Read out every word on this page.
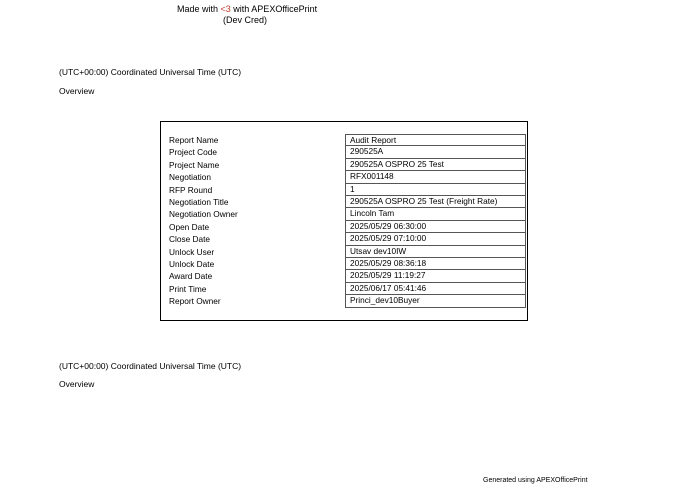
Made with <3 with APEXOfficePrint
(Dev Cred)
(UTC+00:00) Coordinated Universal Time (UTC)
Overview
Report Name	Audit Report
Project Code	290525A
Project Name	290525A OSPRO 25 Test
Negotiation	RFX001148
RFP Round	1
Negotiation Title	290525A OSPRO 25 Test (Freight Rate)
Negotiation Owner	Lincoln Tam
Open Date	2025/05/29 06:30:00
Close Date	2025/05/29 07:10:00
Unlock User	Utsav dev10IW
Unlock Date	2025/05/29 08:36:18
Award Date	2025/05/29 11:19:27
Print Time	2025/06/17 05:41:46
Report Owner	Princi_dev10Buyer
(UTC+00:00) Coordinated Universal Time (UTC)
Overview
Generated using APEXOfficePrint
